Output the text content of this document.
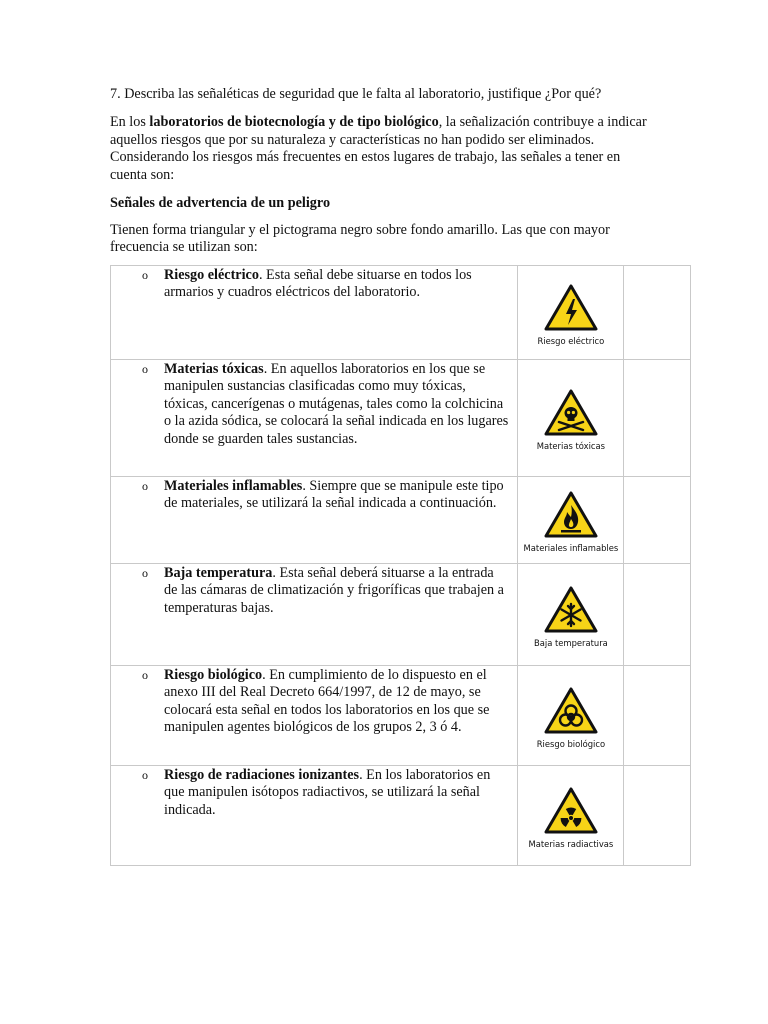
7. Describa las señaléticas de seguridad que le falta al laboratorio, justifique ¿Por qué?

En los laboratorios de biotecnología y de tipo biológico, la señalización contribuye a indicar aquellos riesgos que por su naturaleza y características no han podido ser eliminados. Considerando los riesgos más frecuentes en estos lugares de trabajo, las señales a tener en cuenta son:

Señales de advertencia de un peligro

Tienen forma triangular y el pictograma negro sobre fondo amarillo. Las que con mayor frecuencia se utilizan son:

o Riesgo eléctrico. Esta señal debe situarse en todos los armarios y cuadros eléctricos del laboratorio.	Riesgo eléctrico	

o Materias tóxicas. En aquellos laboratorios en los que se manipulen sustancias clasificadas como muy tóxicas, tóxicas, cancerígenas o mutágenas, tales como la colchicina o la azida sódica, se colocará la señal indicada en los lugares donde se guarden tales sustancias.	Materias tóxicas	

o Materiales inflamables. Siempre que se manipule este tipo de materiales, se utilizará la señal indicada a continuación.	Materiales inflamables	

o Baja temperatura. Esta señal deberá situarse a la entrada de las cámaras de climatización y frigoríficas que trabajen a temperaturas bajas.	Baja temperatura	

o Riesgo biológico. En cumplimiento de lo dispuesto en el anexo III del Real Decreto 664/1997, de 12 de mayo, se colocará esta señal en todos los laboratorios en los que se manipulen agentes biológicos de los grupos 2, 3 ó 4.	Riesgo biológico	

o Riesgo de radiaciones ionizantes. En los laboratorios en que manipulen isótopos radiactivos, se utilizará la señal indicada.	Materias radiactivas	
